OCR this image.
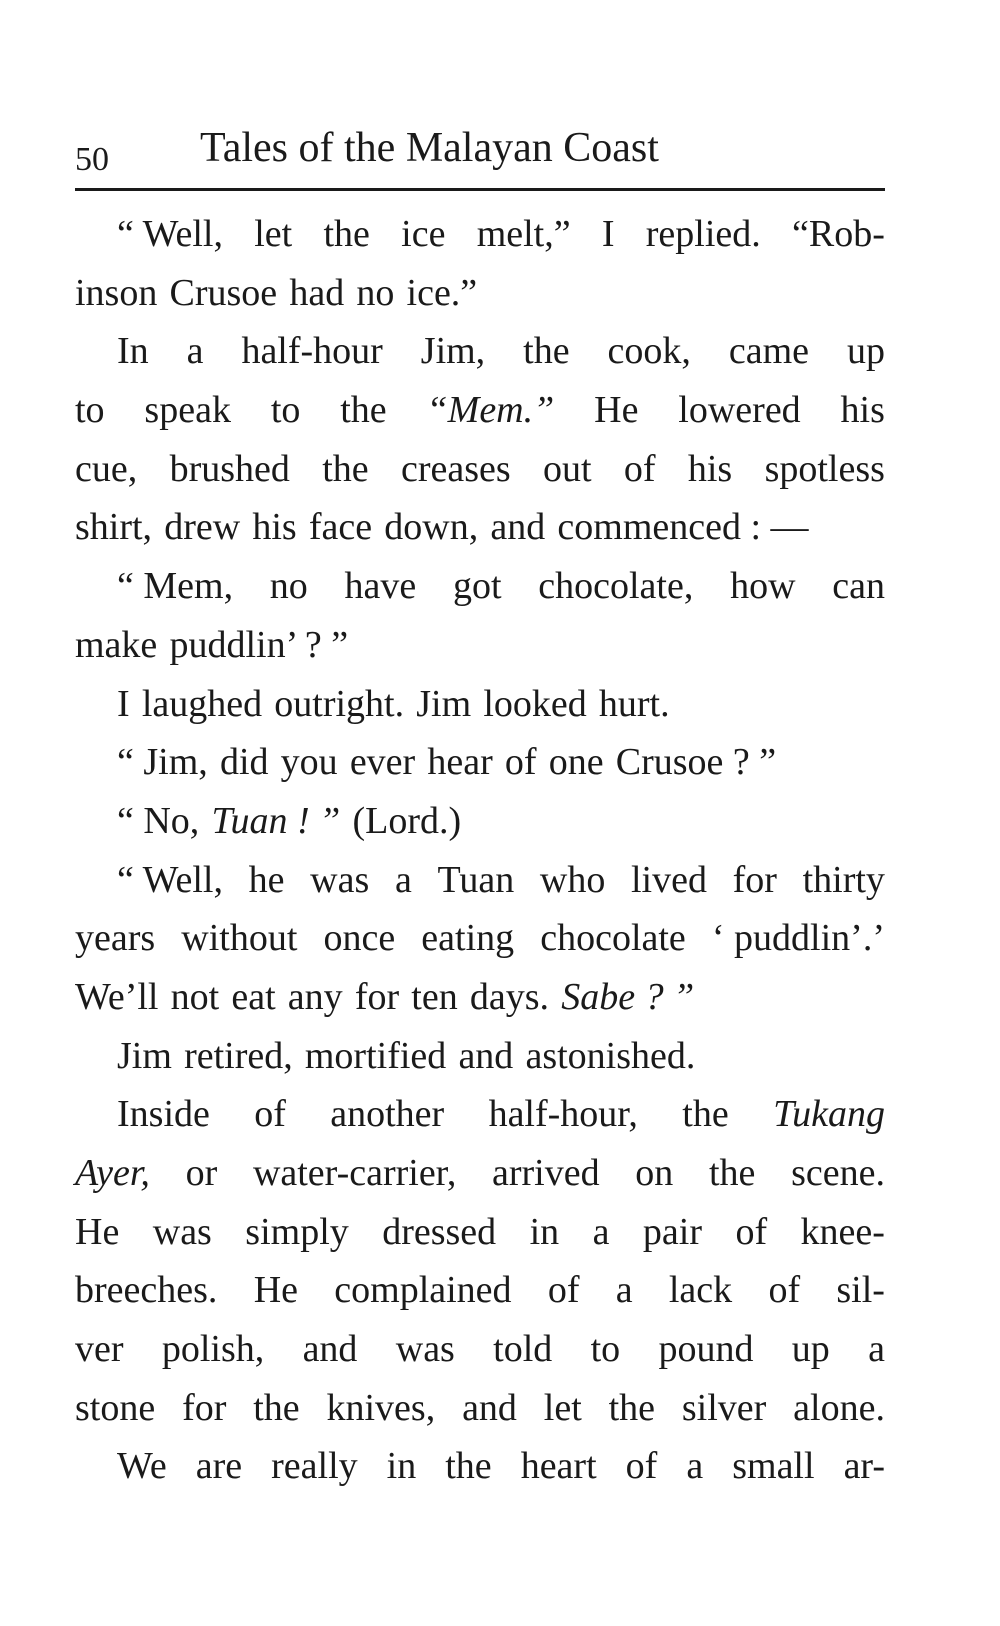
50 Tales of the Malayan Coast
“ Well, let the ice melt,” I replied. “Rob-
inson Crusoe had no ice.”
In a half-hour Jim, the cook, came up
to speak to the “Mem.” He lowered his
cue, brushed the creases out of his spotless
shirt, drew his face down, and commenced : —
“ Mem, no have got chocolate, how can
make puddlin’ ? ”
I laughed outright. Jim looked hurt.
“ Jim, did you ever hear of one Crusoe ? ”
“ No, Tuan ! ” (Lord.)
“ Well, he was a Tuan who lived for thirty
years without once eating chocolate ‘ puddlin’.’
We’ll not eat any for ten days. Sabe ? ”
Jim retired, mortified and astonished.
Inside of another half-hour, the Tukang
Ayer, or water-carrier, arrived on the scene.
He was simply dressed in a pair of knee-
breeches. He complained of a lack of sil-
ver polish, and was told to pound up a
stone for the knives, and let the silver alone.
We are really in the heart of a small ar-
